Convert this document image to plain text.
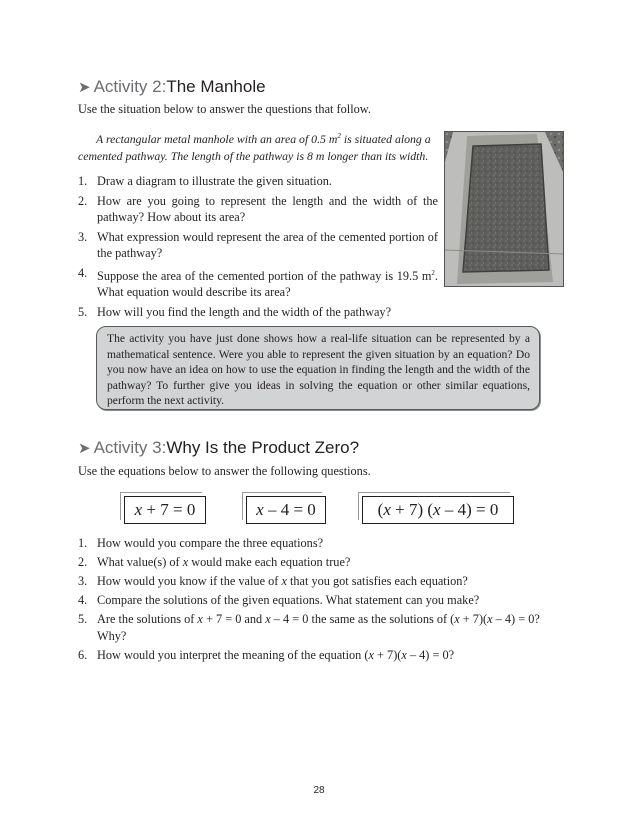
➤ Activity 2:The Manhole
Use the situation below to answer the questions that follow.
A rectangular metal manhole with an area of 0.5 $m^2$ is situated along a
cemented pathway. The length of the pathway is 8 m longer than its width.
1. Draw a diagram to illustrate the given situation.
2. How are you going to represent the length and the width of the pathway? How about its area?
3. What expression would represent the area of the cemented portion of the pathway?
4. Suppose the area of the cemented portion of the pathway is 19.5 $m^2$. What equation would describe its area?
5. How will you find the length and the width of the pathway?
The activity you have just done shows how a real-life situation can be represented by a mathematical sentence. Were you able to represent the given situation by an equation? Do you now have an idea on how to use the equation in finding the length and the width of the pathway? To further give you ideas in solving the equation or other similar equations, perform the next activity.
➤ Activity 3:Why Is the Product Zero?
Use the equations below to answer the following questions.
x + 7 = 0	x – 4 = 0	(x + 7) (x – 4) = 0
1. How would you compare the three equations?
2. What value(s) of x would make each equation true?
3. How would you know if the value of x that you got satisfies each equation?
4. Compare the solutions of the given equations. What statement can you make?
5. Are the solutions of x + 7 = 0 and x – 4 = 0 the same as the solutions of (x + 7)(x – 4) = 0? Why?
6. How would you interpret the meaning of the equation (x + 7)(x – 4) = 0?
28
